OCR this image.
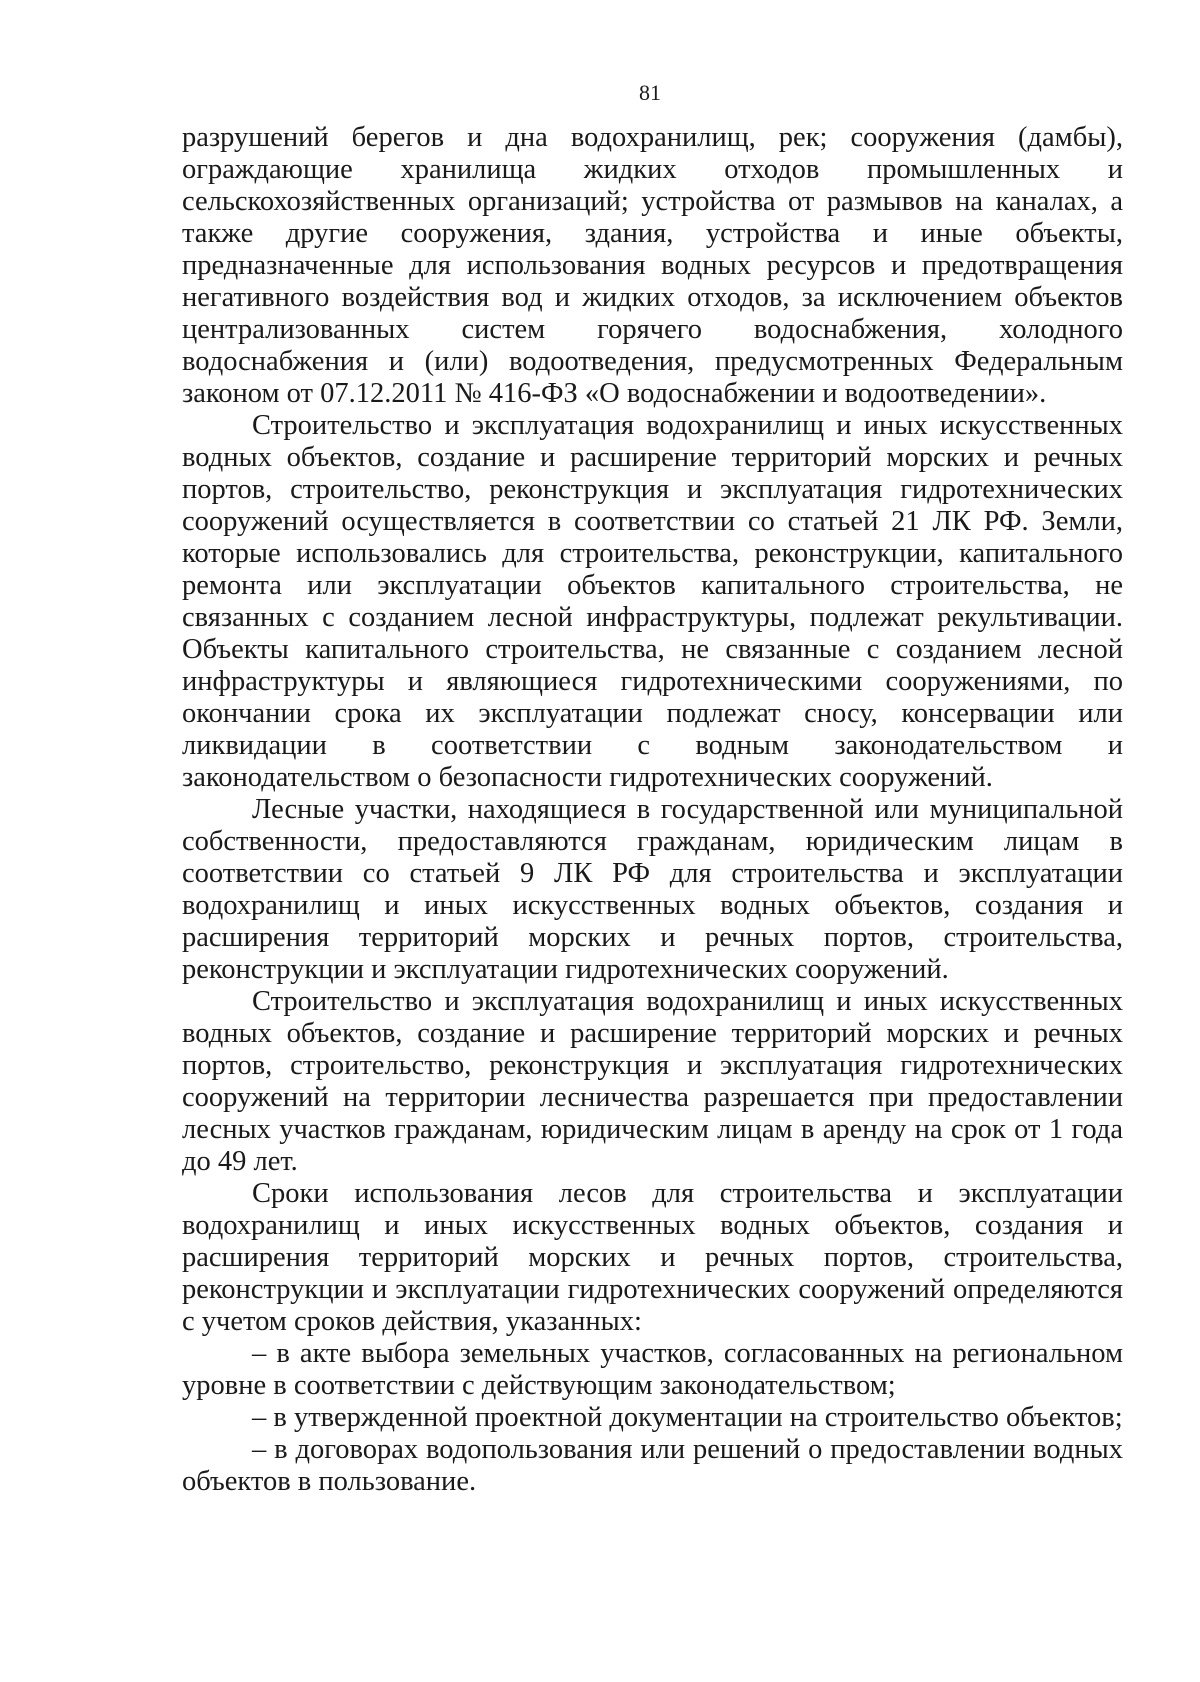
81

разрушений берегов и дна водохранилищ, рек; сооружения (дамбы), ограждающие хранилища жидких отходов промышленных и сельскохозяйственных организаций; устройства от размывов на каналах, а также другие сооружения, здания, устройства и иные объекты, предназначенные для использования водных ресурсов и предотвращения негативного воздействия вод и жидких отходов, за исключением объектов централизованных систем горячего водоснабжения, холодного водоснабжения и (или) водоотведения, предусмотренных Федеральным законом от 07.12.2011 № 416-ФЗ «О водоснабжении и водоотведении».

Строительство и эксплуатация водохранилищ и иных искусственных водных объектов, создание и расширение территорий морских и речных портов, строительство, реконструкция и эксплуатация гидротехнических сооружений осуществляется в соответствии со статьей 21 ЛК РФ. Земли, которые использовались для строительства, реконструкции, капитального ремонта или эксплуатации объектов капитального строительства, не связанных с созданием лесной инфраструктуры, подлежат рекультивации. Объекты капитального строительства, не связанные с созданием лесной инфраструктуры и являющиеся гидротехническими сооружениями, по окончании срока их эксплуатации подлежат сносу, консервации или ликвидации в соответствии с водным законодательством и законодательством о безопасности гидротехнических сооружений.

Лесные участки, находящиеся в государственной или муниципальной собственности, предоставляются гражданам, юридическим лицам в соответствии со статьей 9 ЛК РФ для строительства и эксплуатации водохранилищ и иных искусственных водных объектов, создания и расширения территорий морских и речных портов, строительства, реконструкции и эксплуатации гидротехнических сооружений.

Строительство и эксплуатация водохранилищ и иных искусственных водных объектов, создание и расширение территорий морских и речных портов, строительство, реконструкция и эксплуатация гидротехнических сооружений на территории лесничества разрешается при предоставлении лесных участков гражданам, юридическим лицам в аренду на срок от 1 года до 49 лет.

Сроки использования лесов для строительства и эксплуатации водохранилищ и иных искусственных водных объектов, создания и расширения территорий морских и речных портов, строительства, реконструкции и эксплуатации гидротехнических сооружений определяются с учетом сроков действия, указанных:

– в акте выбора земельных участков, согласованных на региональном уровне в соответствии с действующим законодательством;

– в утвержденной проектной документации на строительство объектов;

– в договорах водопользования или решений о предоставлении водных объектов в пользование.
